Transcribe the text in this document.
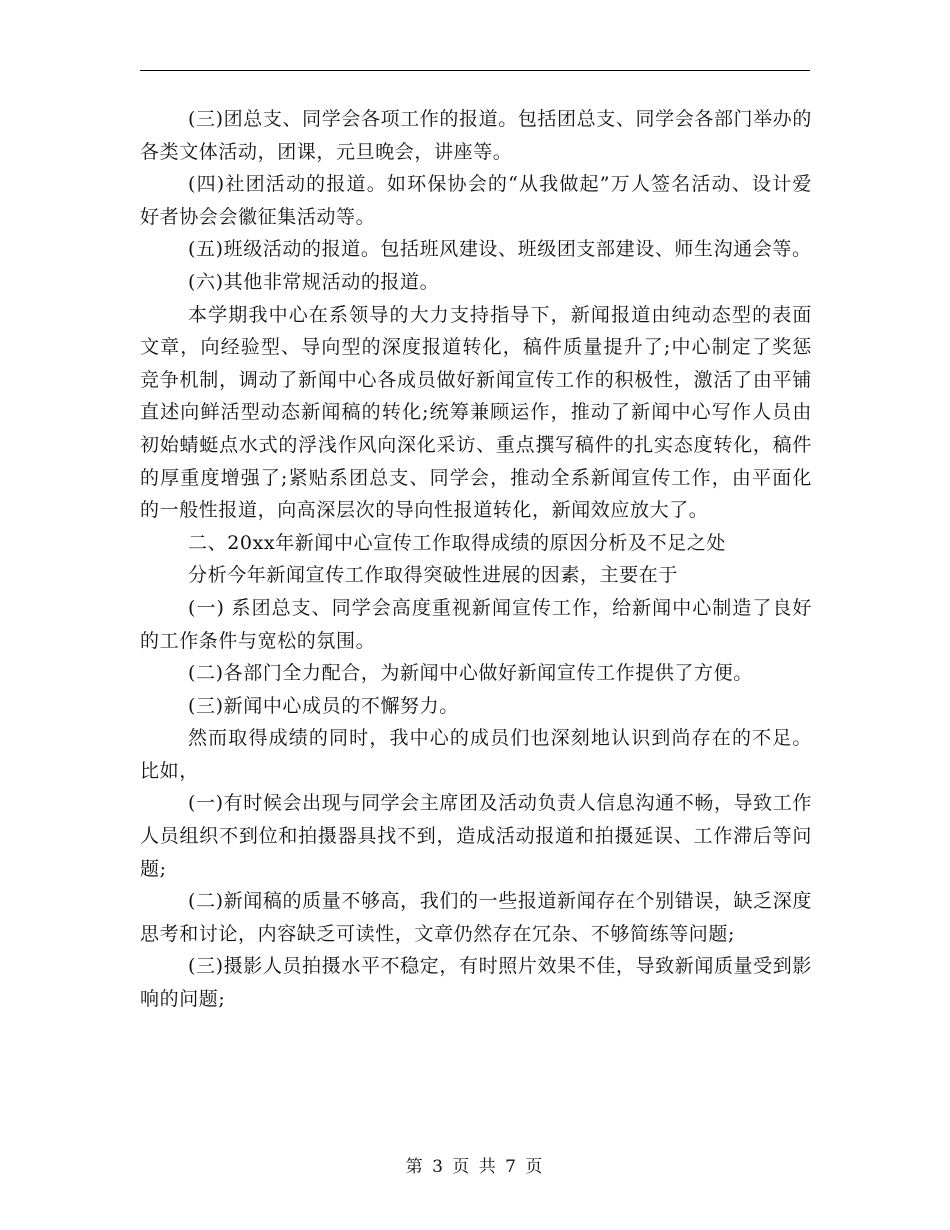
(三)团总支、同学会各项工作的报道。包括团总支、同学会各部门举办的各类文体活动，团课，元旦晚会，讲座等。

(四)社团活动的报道。如环保协会的“从我做起”万人签名活动、设计爱好者协会会徽征集活动等。

(五)班级活动的报道。包括班风建设、班级团支部建设、师生沟通会等。

(六)其他非常规活动的报道。

本学期我中心在系领导的大力支持指导下，新闻报道由纯动态型的表面文章，向经验型、导向型的深度报道转化，稿件质量提升了;中心制定了奖惩竞争机制，调动了新闻中心各成员做好新闻宣传工作的积极性，激活了由平铺直述向鲜活型动态新闻稿的转化;统筹兼顾运作，推动了新闻中心写作人员由初始蜻蜓点水式的浮浅作风向深化采访、重点撰写稿件的扎实态度转化，稿件的厚重度增强了;紧贴系团总支、同学会，推动全系新闻宣传工作，由平面化的一般性报道，向高深层次的导向性报道转化，新闻效应放大了。

二、20xx年新闻中心宣传工作取得成绩的原因分析及不足之处

分析今年新闻宣传工作取得突破性进展的因素，主要在于

(一) 系团总支、同学会高度重视新闻宣传工作，给新闻中心制造了良好的工作条件与宽松的氛围。

(二)各部门全力配合，为新闻中心做好新闻宣传工作提供了方便。

(三)新闻中心成员的不懈努力。

然而取得成绩的同时，我中心的成员们也深刻地认识到尚存在的不足。比如，

(一)有时候会出现与同学会主席团及活动负责人信息沟通不畅，导致工作人员组织不到位和拍摄器具找不到，造成活动报道和拍摄延误、工作滞后等问题;

(二)新闻稿的质量不够高，我们的一些报道新闻存在个别错误，缺乏深度思考和讨论，内容缺乏可读性，文章仍然存在冗杂、不够简练等问题;

(三)摄影人员拍摄水平不稳定，有时照片效果不佳，导致新闻质量受到影响的问题;

第 3 页 共 7 页
